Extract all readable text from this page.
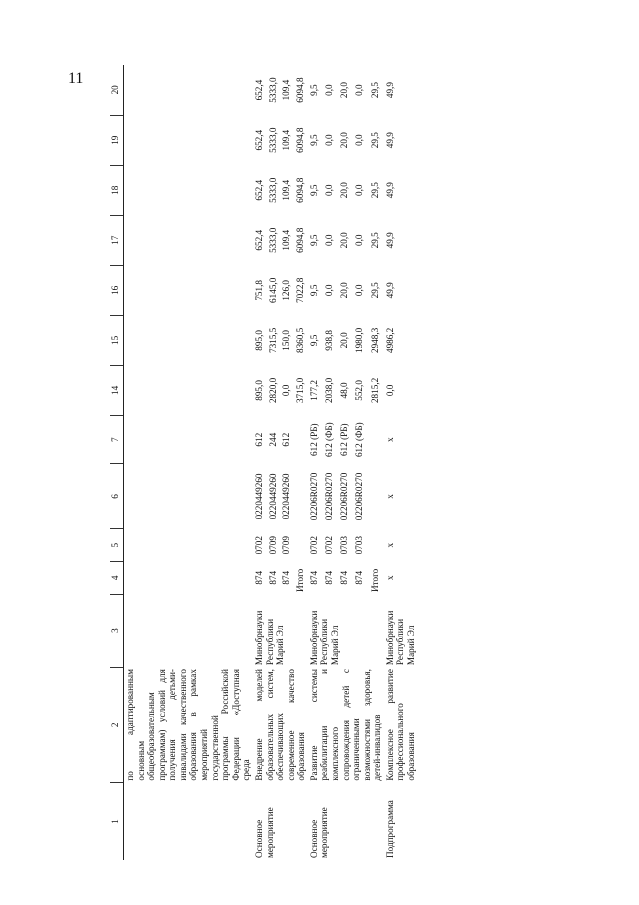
11
1	2	3	4	5	6	7	14	15	16	17	18	19	20
	по адаптированным основным общеобразовательным программам) условий для получения детьми-инвалидами качественного образования в рамках мероприятий государственной программы Российской Федерации «Доступная среда												
Основное мероприятие	Внедрение моделей образовательных систем, обеспечивающих современное качество образования	Минобрнауки Республики Марий Эл	874	0702	0220449260	612	895,0	895,0	751,8	652,4	652,4	652,4	652,4
			874	0709	0220449260	244	2820,0	7315,5	6145,0	5333,0	5333,0	5333,0	5333,0
			874	0709	0220449260	612	0,0	150,0	126,0	109,4	109,4	109,4	109,4
			Итого				3715,0	8360,5	7022,8	6094,8	6094,8	6094,8	6094,8
Основное мероприятие	Развитие системы реабилитации и комплексного сопровождения детей с ограниченными возможностями здоровья, детей-инвалидов	Минобрнауки Республики Марий Эл	874	0702	02206R0270	612 (РБ)	177,2	9,5	9,5	9,5	9,5	9,5	9,5
			874	0702	02206R0270	612 (ФБ)	2038,0	938,8	0,0	0,0	0,0	0,0	0,0
			874	0703	02206R0270	612 (РБ)	48,0	20,0	20,0	20,0	20,0	20,0	20,0
			874	0703	02206R0270	612 (ФБ)	552,0	1980,0	0,0	0,0	0,0	0,0	0,0
			Итого				2815,2	2948,3	29,5	29,5	29,5	29,5	29,5
Подпрограмма	Комплексное развитие профессионального образования	Минобрнауки Республики Марий Эл	x	x	x	x	0,0	4986,2	49,9	49,9	49,9	49,9	49,9
